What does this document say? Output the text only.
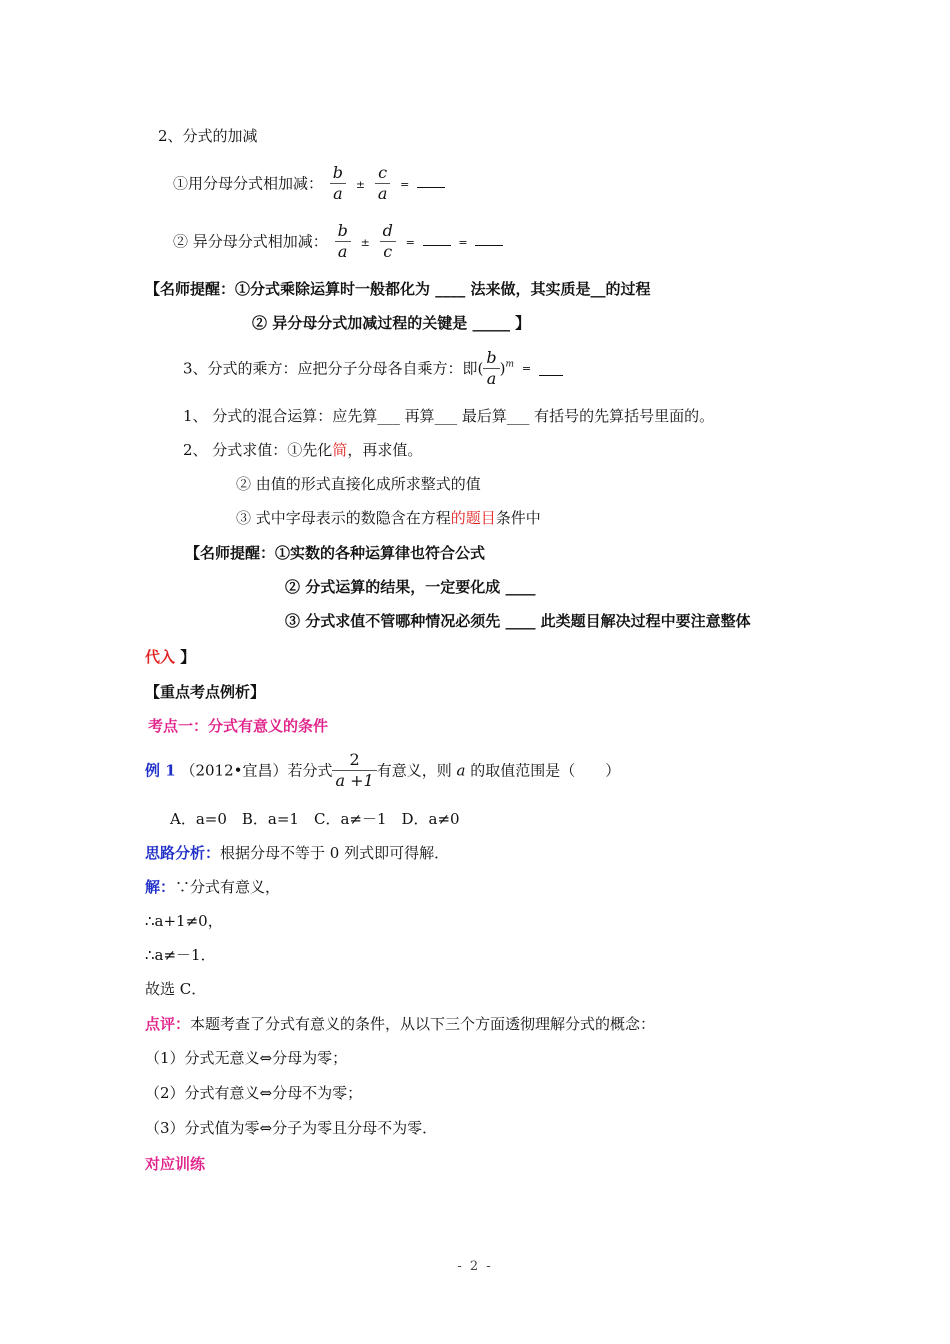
2、分式的加减
①用分母分式相加减： $\frac{b}{a} \pm \frac{c}{a}$ =
② 异分母分式相加减： $\frac{b}{a} \pm \frac{d}{c}$ =	=
【名师提醒：①分式乘除运算时一般都化为 ____ 法来做，其实质是__的过程
② 异分母分式加减过程的关键是 _____ 】
3、分式的乘方：应把分子分母各自乘方：即( $\frac{b}{a} )^m$ =
1、 分式的混合运算：应先算___ 再算___ 最后算___ 有括号的先算括号里面的。
2、 分式求值：①先化简，再求值。
② 由值的形式直接化成所求整式的值
③ 式中字母表示的数隐含在方程的题目条件中
【名师提醒：①实数的各种运算律也符合公式
② 分式运算的结果，一定要化成 ____
③ 分式求值不管哪种情况必须先 ____ 此类题目解决过程中要注意整体
代入 】
【重点考点例析】
考点一：分式有意义的条件
例 1 （2012•宜昌）若分式 $\frac{2}{a +1}$ 有意义，则 a 的取值范围是（　　）
A．a=0　B．a=1　C．a≠－1　D．a≠0
思路分析：根据分母不等于 0 列式即可得解．
解：∵分式有意义，
∴a+1≠0，
∴a≠－1．
故选 C．
点评：本题考查了分式有意义的条件，从以下三个方面透彻理解分式的概念：
（1）分式无意义⇔分母为零；
（2）分式有意义⇔分母不为零；
（3）分式值为零⇔分子为零且分母不为零．
对应训练
- 2 -
